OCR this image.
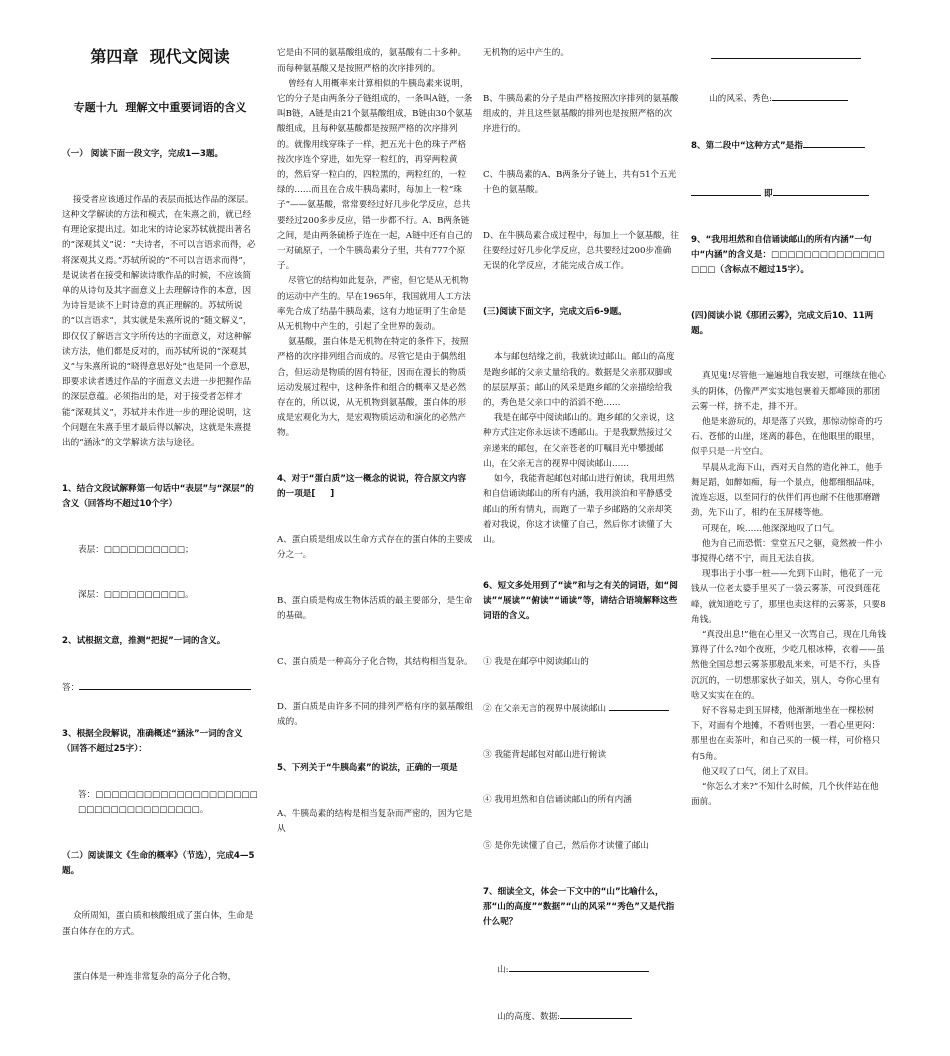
第四章  现代文阅读

专题十九  理解文中重要词语的含义

（一） 阅读下面一段文字，完成1—3题。

接受者应该通过作品的表层而抵达作品的深层。这种文学解读的方法和模式，在朱熹之前，就已经有理论家提出过。如北宋的诗论家苏轼就提出著名的“深观其义”说：“夫诗者，不可以言语求而得，必将深观其义焉。”苏轼所说的“不可以言语求而得”，是说读者在接受和解读诗歌作品的时候，不应该简单的从诗句及其字面意义上去理解诗作的本意，因为诗旨是读不上时诗意的真正理解的。苏轼所说的“以言语求”，其实就是朱熹所说的“随文解义”，即仅仅了解语言文字所传达的字面意义，对这种解读方法，他们都是反对的，而苏轼所说的“深观其义”与朱熹所说的“晓得意思好处”也是同一个意思，即要求读者透过作品的字面意义去进一步把握作品的深层意蕴。必须指出的是，对于接受者怎样才能“深观其义”，苏轼并未作进一步的理论说明，这个问题在朱熹手里才最后得以解决，这就是朱熹提出的“涵泳”的文学解读方法与途径。

1、结合文段试解释第一句话中“表层”与“深层”的含义（回答均不超过10个字）

表层：□□□□□□□□□□；

深层：□□□□□□□□□□。

2、试根据文意，推测“把捉”一词的含义。

答：

3、根据全段解说，准确概述“涵泳”一词的含义（回答不超过25字）：

答：□□□□□□□□□□□□□□□□□□□□□□□□□□□□□□□□□□□。

（二）阅读课文《生命的概率》（节选），完成4—5题。

众所周知，蛋白质和核酸组成了蛋白体，生命是蛋白体存在的方式。

蛋白体是一种连非常复杂的高分子化合物，

它是由不同的氨基酸组成的，氨基酸有二十多种。而每种氨基酸又是按照严格的次序排列的。
曾经有人用概率来计算相似的牛胰岛素来说明，它的分子是由两条分子链组成的，一条叫A链，一条叫B链，A链是由21个氨基酸组成，B链由30个氨基酸组成，且每种氨基酸都是按照严格的次序排列的。就像用线穿珠子一样，把五光十色的珠子严格按次序连个穿进，如先穿一粒红的，再穿两粒黄的，然后穿一粒白的，四粒黑的，两粒红的，一粒绿的……而且在合成牛胰岛素时，每加上一粒“珠子”——氨基酸，常常要经过好几步化学反应，总共要经过200多步反应，错一步都不行。A、B两条链之间，是由两条硫桥子连在一起，A链中还有自己的一对硫原子，一个牛胰岛素分子里，共有777个原子。
尽管它的结构如此复杂，严密，但它是从无机物的运动中产生的。早在1965年，我国就用人工方法率先合成了结晶牛胰岛素，这有力地证明了生命是从无机物中产生的，引起了全世界的轰动。
氨基酸，蛋白体是无机物在特定的条件下，按照严格的次序排列组合而成的。尽管它是由于偶然组合，但运动是物质的固有特征，因而在漫长的物质运动发展过程中，这种条件和组合的概率又是必然存在的，所以说，从无机物到氨基酸，蛋白体的形成是宏观化为大，是宏观物质运动和演化的必然产物。

4、对于“蛋白质”这一概念的说说，符合原文内容的一项是[     ]

A、蛋白质是组成以生命方式存在的蛋白体的主要成分之一。

B、蛋白质是构成生物体活质的最主要部分，是生命的基础。

C、蛋白质是一种高分子化合物，其结构相当复杂。

D、蛋白质是由许多不同的排列严格有序的氨基酸组成的。

5、下列关于“牛胰岛素”的说法，正确的一项是

A、牛胰岛素的结构是相当复杂而严密的，因为它是从

无机物的运中产生的。

B、牛胰岛素的分子是由严格按照次序排列的氨基酸组成的，并且这些氨基酸的排列也是按照严格的次序进行的。

C、牛胰岛素的A、B两条分子链上，共有51个五光十色的氨基酸。

D、在牛胰岛素合成过程中，每加上一个氨基酸，往往要经过好几步化学反应，总共要经过200步准确无误的化学反应，才能完成合成工作。

(三)阅读下面文字，完成文后6-9题。

本与邮包结缘之前，我就读过邮山。邮山的高度是跑乡邮的父亲丈量给我的。数据是父亲那双脚或的层层厚茧；邮山的风采是跑乡邮的父亲描绘给我的，秀色是父亲口中的滔滔不绝……
我是在邮亭中阅读邮山的。跑乡邮的父亲说，这种方式注定你永远读不透邮山。于是我默然接过父亲递来的邮包，在父亲苍老的叮嘱目光中攀援邮山，在父亲无言的视界中阅读邮山……
如今，我能背起邮包对邮山进行俯读，我用坦然和自信诵读邮山的所有内涵，我用淡泊和平静感受邮山的所有情丸，而跑了一辈子乡邮路的父亲却笑着对我说，你这才读懂了自己，然后你才读懂了大山。

6、短文多处用到了“读”和与之有关的词语，如“阅读”“展读”“俯读”“诵读”等，请结合语境解释这些词语的含义。

① 我是在邮亭中阅读邮山的

② 在父亲无言的视界中展读邮山

③ 我能背起邮包对邮山进行俯读

④ 我用坦然和自信诵读邮山的所有内涵

⑤ 是你先读懂了自己，然后你才读懂了邮山

7、细读全文，体会一下文中的“山”比喻什么，那“山的高度”“数据”“山的风采”“秀色”又是代指什么呢？

山:

山的高度、数据:

山的风采、秀色:

8、第二段中“这种方式”是指

即

9、“我用坦然和自信诵读邮山的所有内涵”一句中“内涵”的含义是：□□□□□□□□□□□□□□□□□（含标点不超过15字）。

(四)阅读小说《那团云雾》，完成文后10、11两题。

真见鬼!尽管他一遍遍地自我安慰，可继续在他心头的阴体，仍像严严实实地包裹着天都峰顶的那团云雾一样，挤不走，排不开。
他是来游玩的，却是落了兴致，那惊动惊奇的巧石、苍郁的山崖，迷离的暮色，在他眼里的眼里，似乎只是一片空白。
早晨从北海下山，西对天自然的造化神工，他手舞足蹈，如醉如痴，每一个景点，他都细细品味，流连忘返，以至同行的伙伴们再也耐不住他那磨蹭劲，先下山了，相约在玉屏楼等他。
可现在，唉……他深深地叹了口气。
他为自己而恐慌：堂堂五尺之躯，竟然被一件小事搅得心绪不宁，而且无法自拔。
现事出于小事一桩——允到下山时，他花了一元钱从一位老太婆手里买了一袋云雾茶，可没到莲花峰，就知道吃亏了，那里也卖这样的云雾茶，只要8角钱。
“真没出息!”他在心里又一次骂自己，现在几角钱算得了什么?如个夜班，少吃几根冰棒，衣着——虽然他全国总想云雾茶那般乱来来，可是不行，头昏沉沉的，一切想那家伙子如关，别人，夸你心里有啥又实实在在的。
好不容易走到玉屏楼，他渐渐地坐在一棵松树下，对面有个地摊，不看则也罢，一看心里更闷：那里也在卖茶叶，和自己买的一模一样，可价格只有5角。
他又叹了口气，闭上了双目。
“你怎么才来?”不知什么时候，几个伙伴站在他面前。
